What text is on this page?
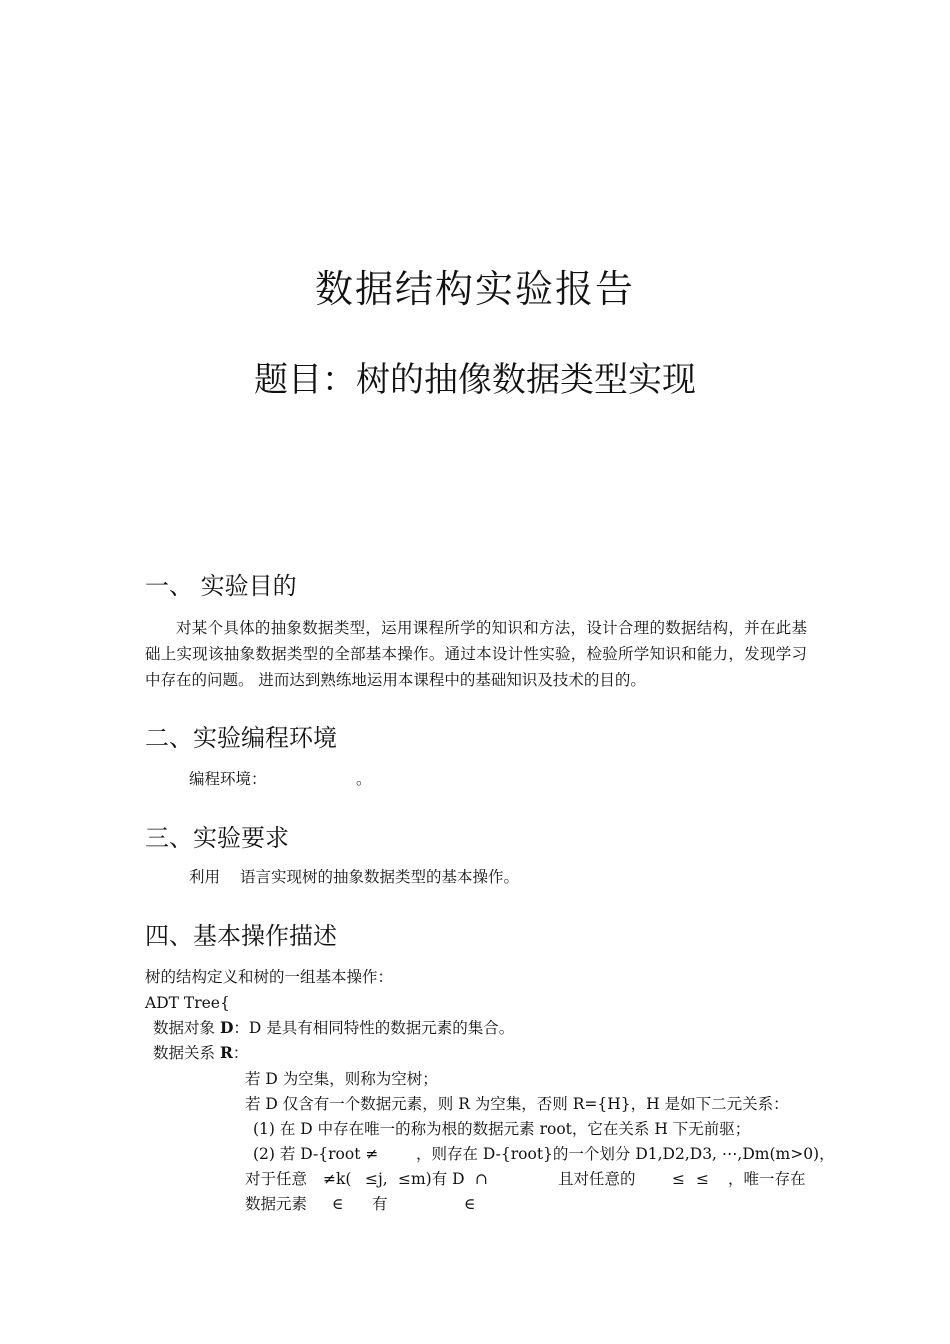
数据结构实验报告
题目：树的抽像数据类型实现
一、 实验目的
对某个具体的抽象数据类型，运用课程所学的知识和方法，设计合理的数据结构，并在此基础上实现该抽象数据类型的全部基本操作。通过本设计性实验，检验所学知识和能力，发现学习中存在的问题。 进而达到熟练地运用本课程中的基础知识及技术的目的。
二、实验编程环境
编程环境：	。
三、实验要求
利用 语言实现树的抽象数据类型的基本操作。
四、基本操作描述
树的结构定义和树的一组基本操作：
ADT Tree{
数据对象 D：D 是具有相同特性的数据元素的集合。
数据关系 R：
若 D 为空集，则称为空树；
若 D 仅含有一个数据元素，则 R 为空集，否则 R={H}，H 是如下二元关系：
(1) 在 D 中存在唯一的称为根的数据元素 root，它在关系 H 下无前驱；
(2) 若 D-{root ≠ ，则存在 D-{root}的一个划分 D1,D2,D3, ⋯,Dm(m>0)，
对于任意 ≠k( ≤j, ≤m)有 D ∩	且对任意的 ≤ ≤ ，唯一存在
数据元素 ∈ 有	∈
